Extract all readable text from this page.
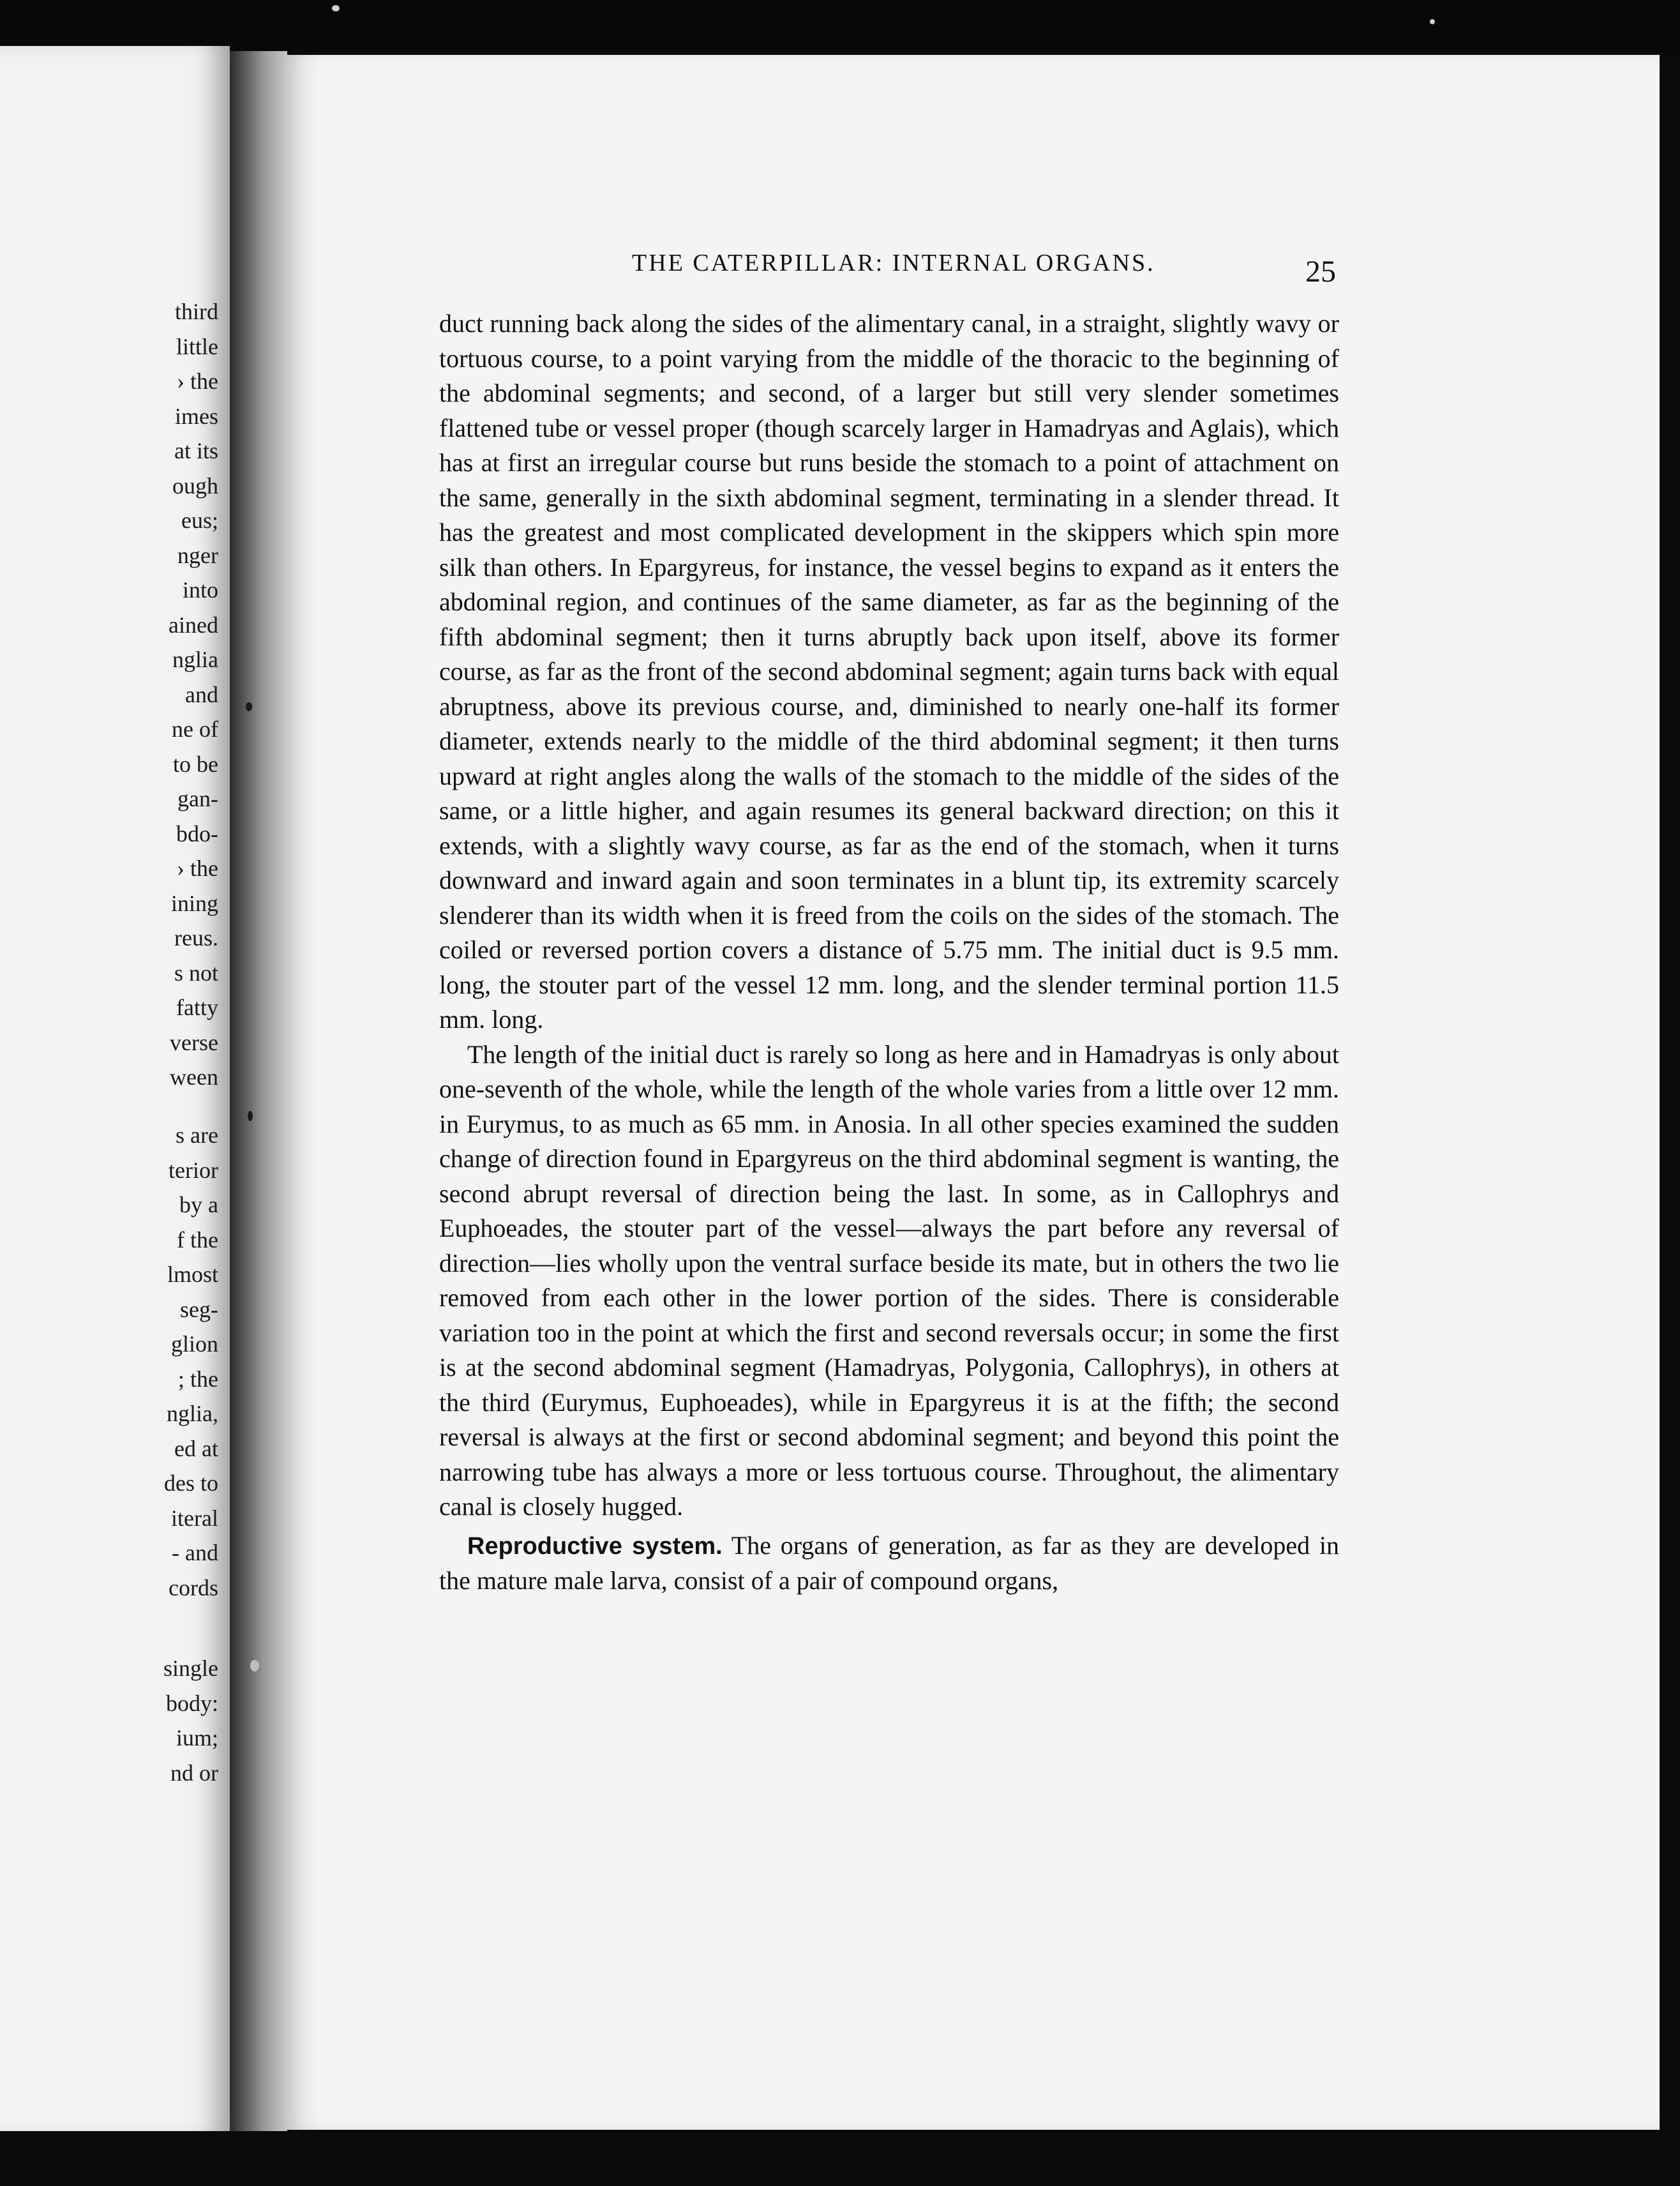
third
little
› the
imes
at its
ough
eus;
nger
into
ained
nglia
and
ne of
to be
gan-
bdo-
› the
ining
reus.
s not
fatty
verse
ween
s are
terior
by a
f the
lmost
seg-
glion
; the
nglia,
ed at
des to
iteral
- and
cords
single
body:
ium;
nd or
THE CATERPILLAR: INTERNAL ORGANS.	25

duct running back along the sides of the alimentary canal, in a straight, slightly wavy or tortuous course, to a point varying from the middle of the thoracic to the beginning of the abdominal segments; and second, of a larger but still very slender sometimes flattened tube or vessel proper (though scarcely larger in Hamadryas and Aglais), which has at first an irregular course but runs beside the stomach to a point of attachment on the same, generally in the sixth abdominal segment, terminating in a slender thread. It has the greatest and most complicated development in the skippers which spin more silk than others. In Epargyreus, for instance, the vessel begins to expand as it enters the abdominal region, and continues of the same diameter, as far as the beginning of the fifth abdominal segment; then it turns abruptly back upon itself, above its former course, as far as the front of the second abdominal segment; again turns back with equal abruptness, above its previous course, and, diminished to nearly one-half its former diameter, extends nearly to the middle of the third abdominal segment; it then turns upward at right angles along the walls of the stomach to the middle of the sides of the same, or a little higher, and again resumes its general backward direction; on this it extends, with a slightly wavy course, as far as the end of the stomach, when it turns downward and inward again and soon terminates in a blunt tip, its extremity scarcely slenderer than its width when it is freed from the coils on the sides of the stomach. The coiled or reversed portion covers a distance of 5.75 mm. The initial duct is 9.5 mm. long, the stouter part of the vessel 12 mm. long, and the slender terminal portion 11.5 mm. long.

The length of the initial duct is rarely so long as here and in Hamadryas is only about one-seventh of the whole, while the length of the whole varies from a little over 12 mm. in Eurymus, to as much as 65 mm. in Anosia. In all other species examined the sudden change of direction found in Epargyreus on the third abdominal segment is wanting, the second abrupt reversal of direction being the last. In some, as in Callophrys and Euphoeades, the stouter part of the vessel—always the part before any reversal of direction—lies wholly upon the ventral surface beside its mate, but in others the two lie removed from each other in the lower portion of the sides. There is considerable variation too in the point at which the first and second reversals occur; in some the first is at the second abdominal segment (Hamadryas, Polygonia, Callophrys), in others at the third (Eurymus, Euphoeades), while in Epargyreus it is at the fifth; the second reversal is always at the first or second abdominal segment; and beyond this point the narrowing tube has always a more or less tortuous course. Throughout, the alimentary canal is closely hugged.

Reproductive system. The organs of generation, as far as they are developed in the mature male larva, consist of a pair of compound organs,
